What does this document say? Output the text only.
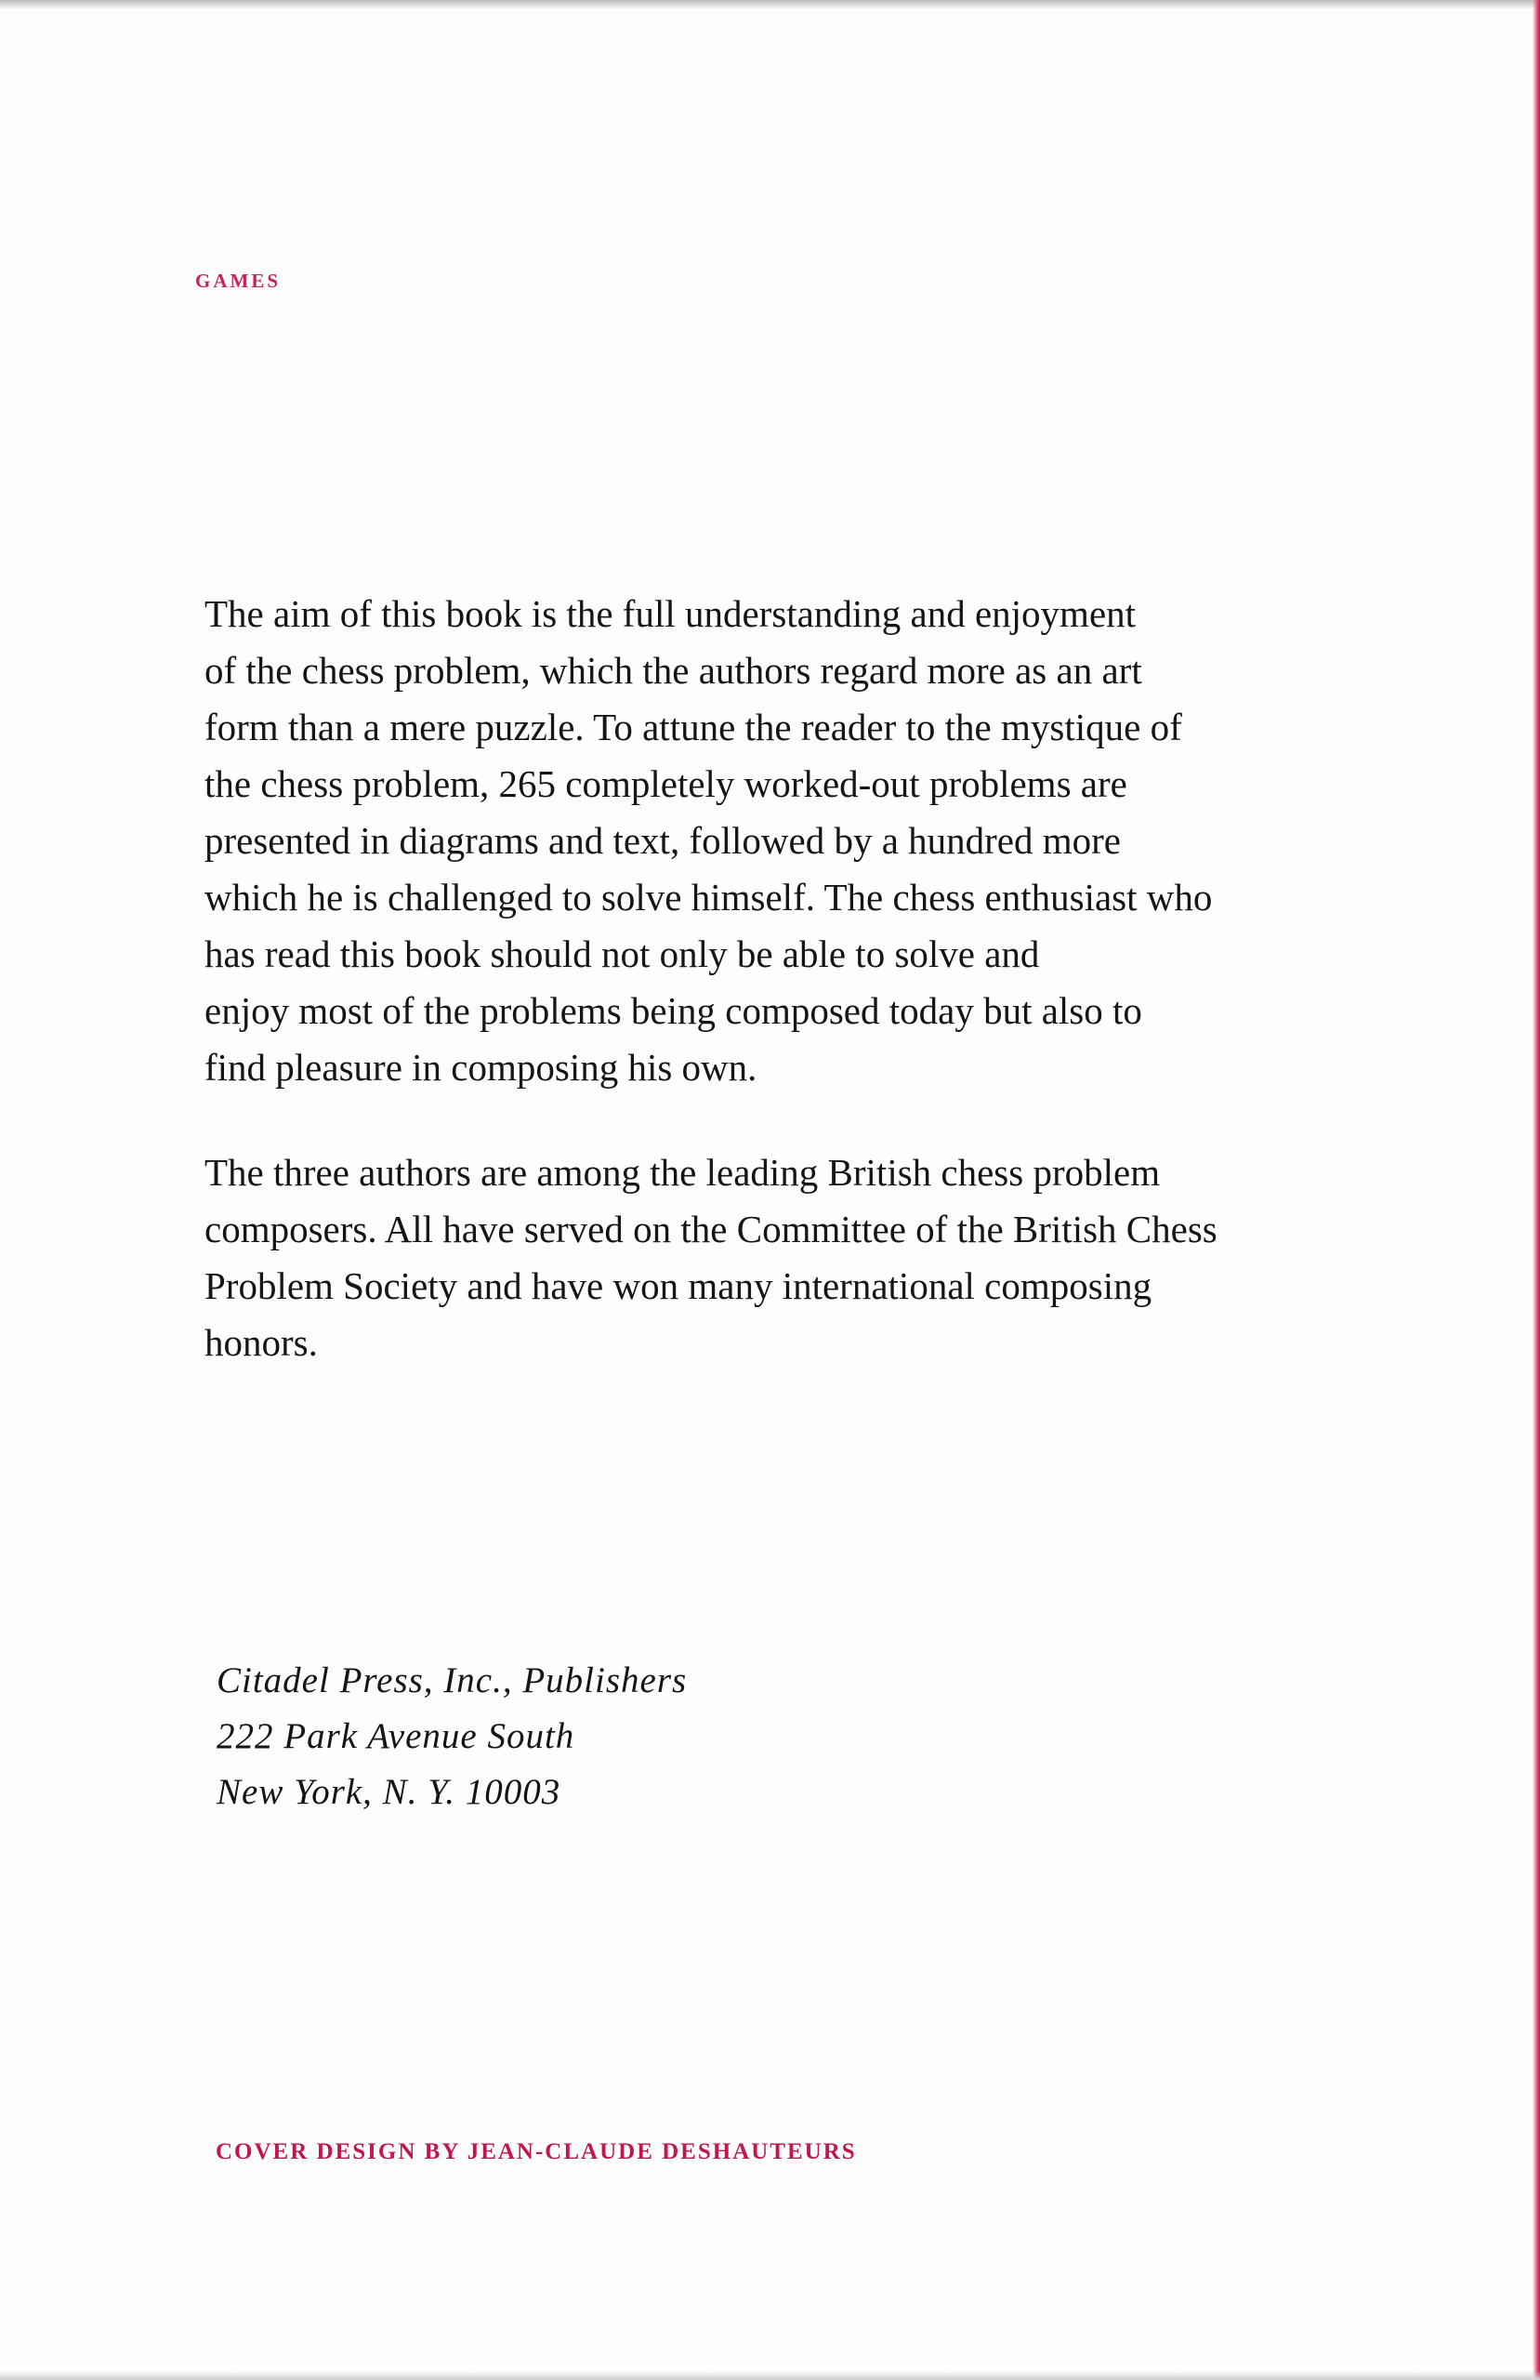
GAMES

The aim of this book is the full understanding and enjoyment
of the chess problem, which the authors regard more as an art
form than a mere puzzle. To attune the reader to the mystique of
the chess problem, 265 completely worked-out problems are
presented in diagrams and text, followed by a hundred more
which he is challenged to solve himself. The chess enthusiast who
has read this book should not only be able to solve and
enjoy most of the problems being composed today but also to
find pleasure in composing his own.

The three authors are among the leading British chess problem
composers. All have served on the Committee of the British Chess
Problem Society and have won many international composing
honors.

Citadel Press, Inc., Publishers
222 Park Avenue South
New York, N. Y. 10003
COVER DESIGN BY JEAN-CLAUDE DESHAUTEURS
